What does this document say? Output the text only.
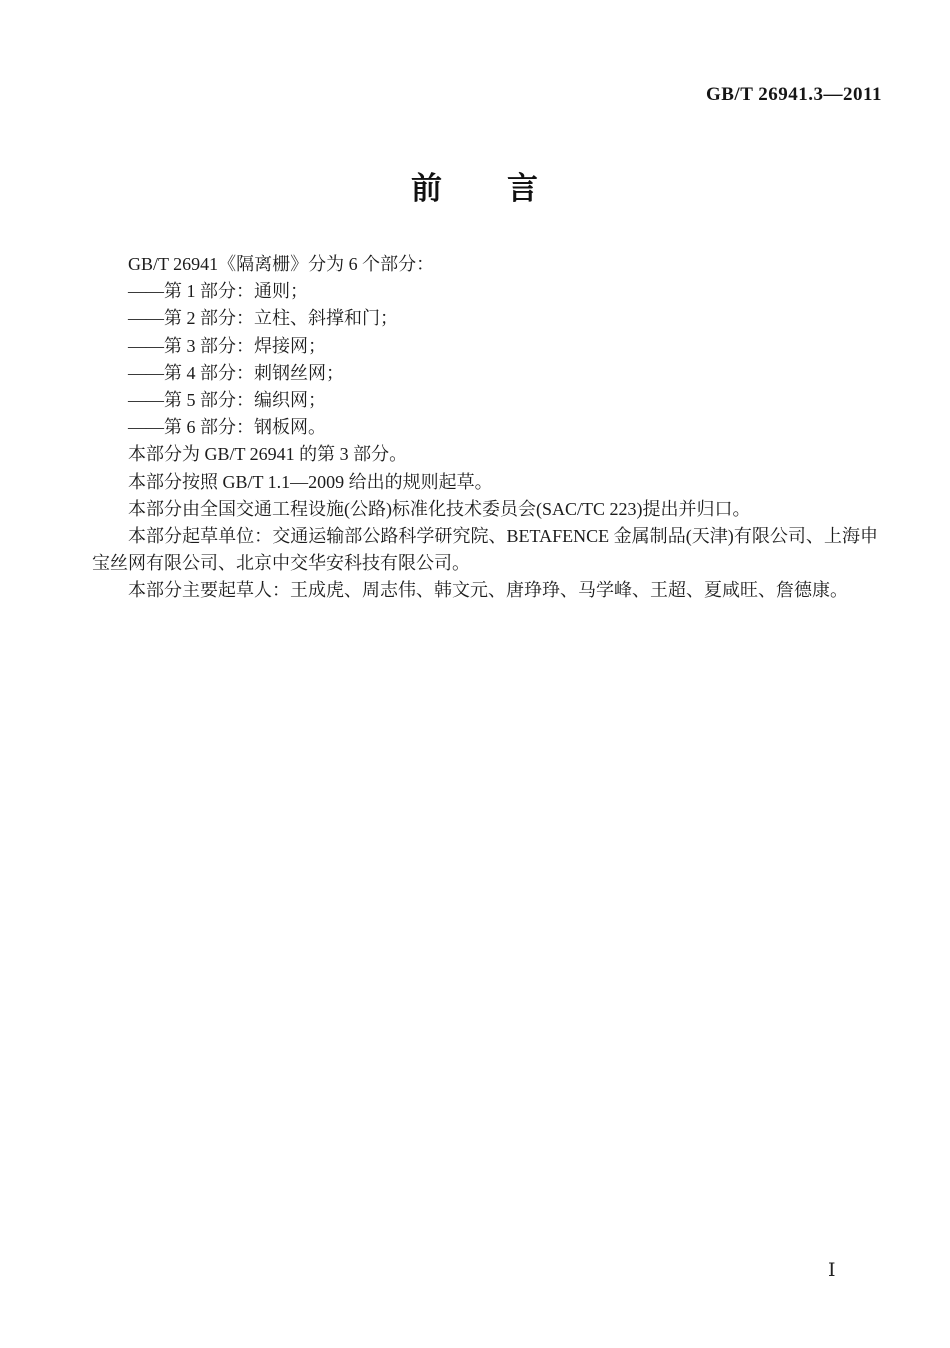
GB/T 26941.3—2011
前　　言

GB/T 26941《隔离栅》分为 6 个部分：

——第 1 部分：通则；

——第 2 部分：立柱、斜撑和门；

——第 3 部分：焊接网；

——第 4 部分：刺钢丝网；

——第 5 部分：编织网；

——第 6 部分：钢板网。

本部分为 GB/T 26941 的第 3 部分。

本部分按照 GB/T 1.1—2009 给出的规则起草。

本部分由全国交通工程设施(公路)标准化技术委员会(SAC/TC 223)提出并归口。

本部分起草单位：交通运输部公路科学研究院、BETAFENCE 金属制品(天津)有限公司、上海申宝丝网有限公司、北京中交华安科技有限公司。

本部分主要起草人：王成虎、周志伟、韩文元、唐琤琤、马学峰、王超、夏咸旺、詹德康。

Ⅰ
